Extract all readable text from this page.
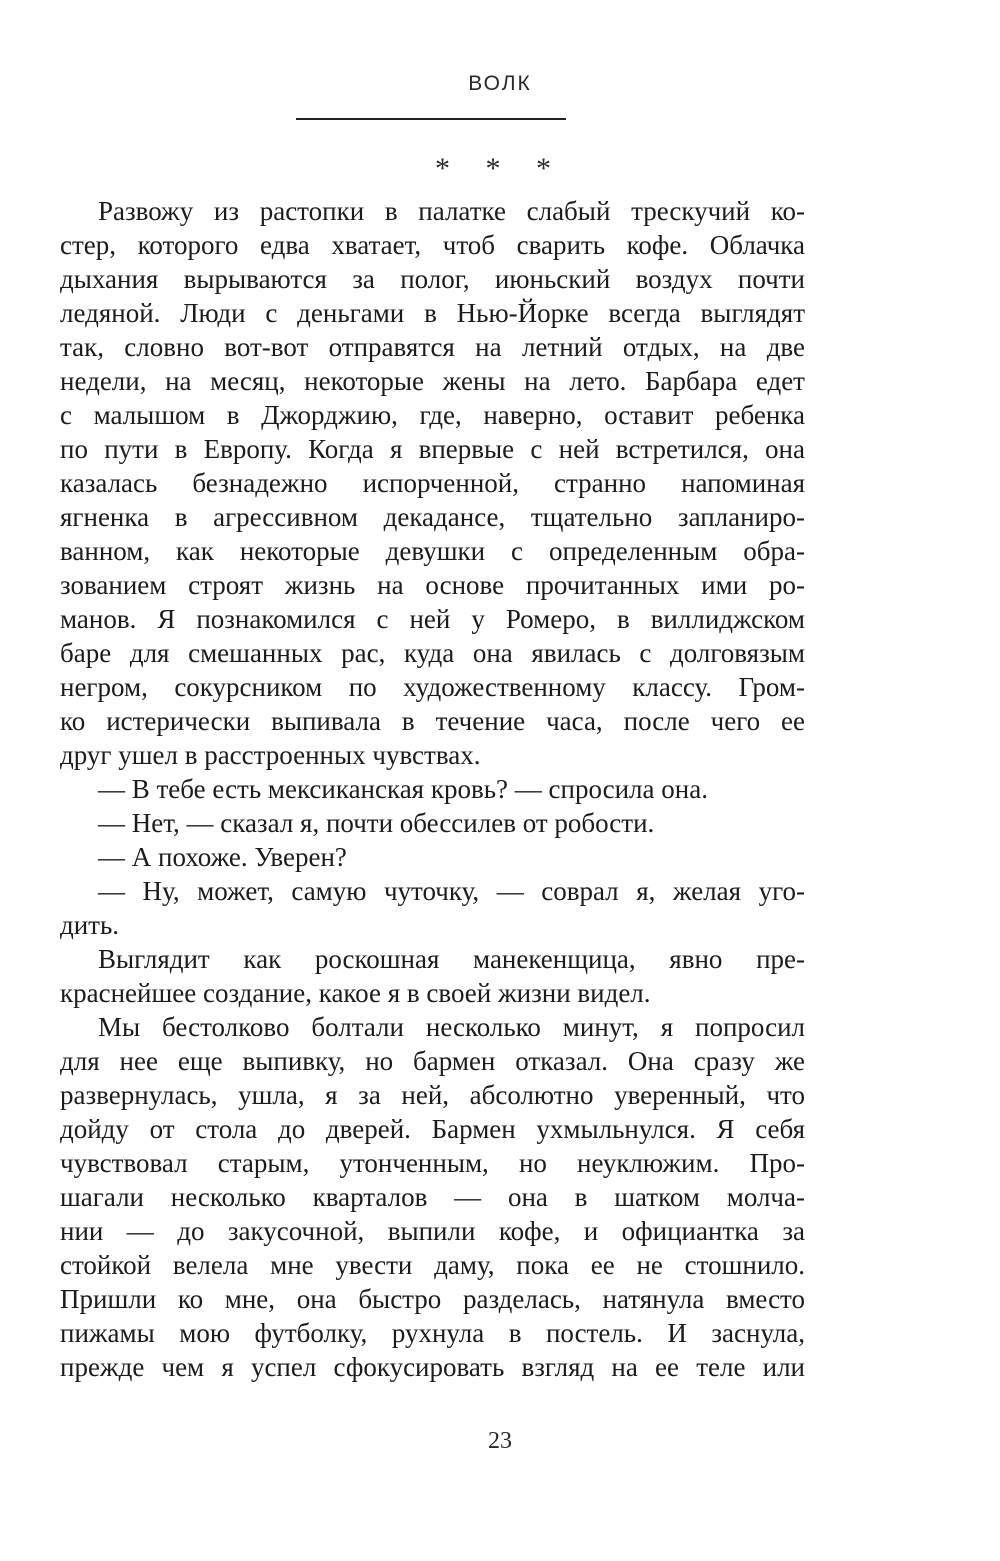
ВОЛК
* * *
Развожу из растопки в палатке слабый трескучий ко-
стер, которого едва хватает, чтоб сварить кофе. Облачка
дыхания вырываются за полог, июньский воздух почти
ледяной. Люди с деньгами в Нью-Йорке всегда выглядят
так, словно вот-вот отправятся на летний отдых, на две
недели, на месяц, некоторые жены на лето. Барбара едет
с малышом в Джорджию, где, наверно, оставит ребенка
по пути в Европу. Когда я впервые с ней встретился, она
казалась безнадежно испорченной, странно напоминая
ягненка в агрессивном декадансе, тщательно заплaниро-
ванном, как некоторые девушки с определенным обра-
зованием строят жизнь на основе прочитанных ими ро-
манов. Я познакомился с ней у Ромеро, в виллиджском
баре для смешанных рас, куда она явилась с долговязым
негром, сокурсником по художественному классу. Гром-
ко истерически выпивала в течение часа, после чего ее
друг ушел в расстроенных чувствах.
— В тебе есть мексиканская кровь? — спросила она.
— Нет, — сказал я, почти обессилев от робости.
— А похоже. Уверен?
— Ну, может, самую чуточку, — соврал я, желая уго-
дить.
Выглядит как роскошная манекенщица, явно пре-
краснейшее создание, какое я в своей жизни видел.
Мы бестолково болтали несколько минут, я попросил
для нее еще выпивку, но бармен отказал. Она сразу же
развернулась, ушла, я за ней, абсолютно уверенный, что
дойду от стола до дверей. Бармен ухмыльнулся. Я себя
чувствовал старым, утонченным, но неуклюжим. Про-
шагали несколько кварталов — она в шатком молча-
нии — до закусочной, выпили кофе, и официантка за
стойкой велела мне увести даму, пока ее не стошнило.
Пришли ко мне, она быстро разделась, натянула вместо
пижамы мою футболку, рухнула в постель. И заснула,
прежде чем я успел сфокусировать взгляд на ее теле или
23
